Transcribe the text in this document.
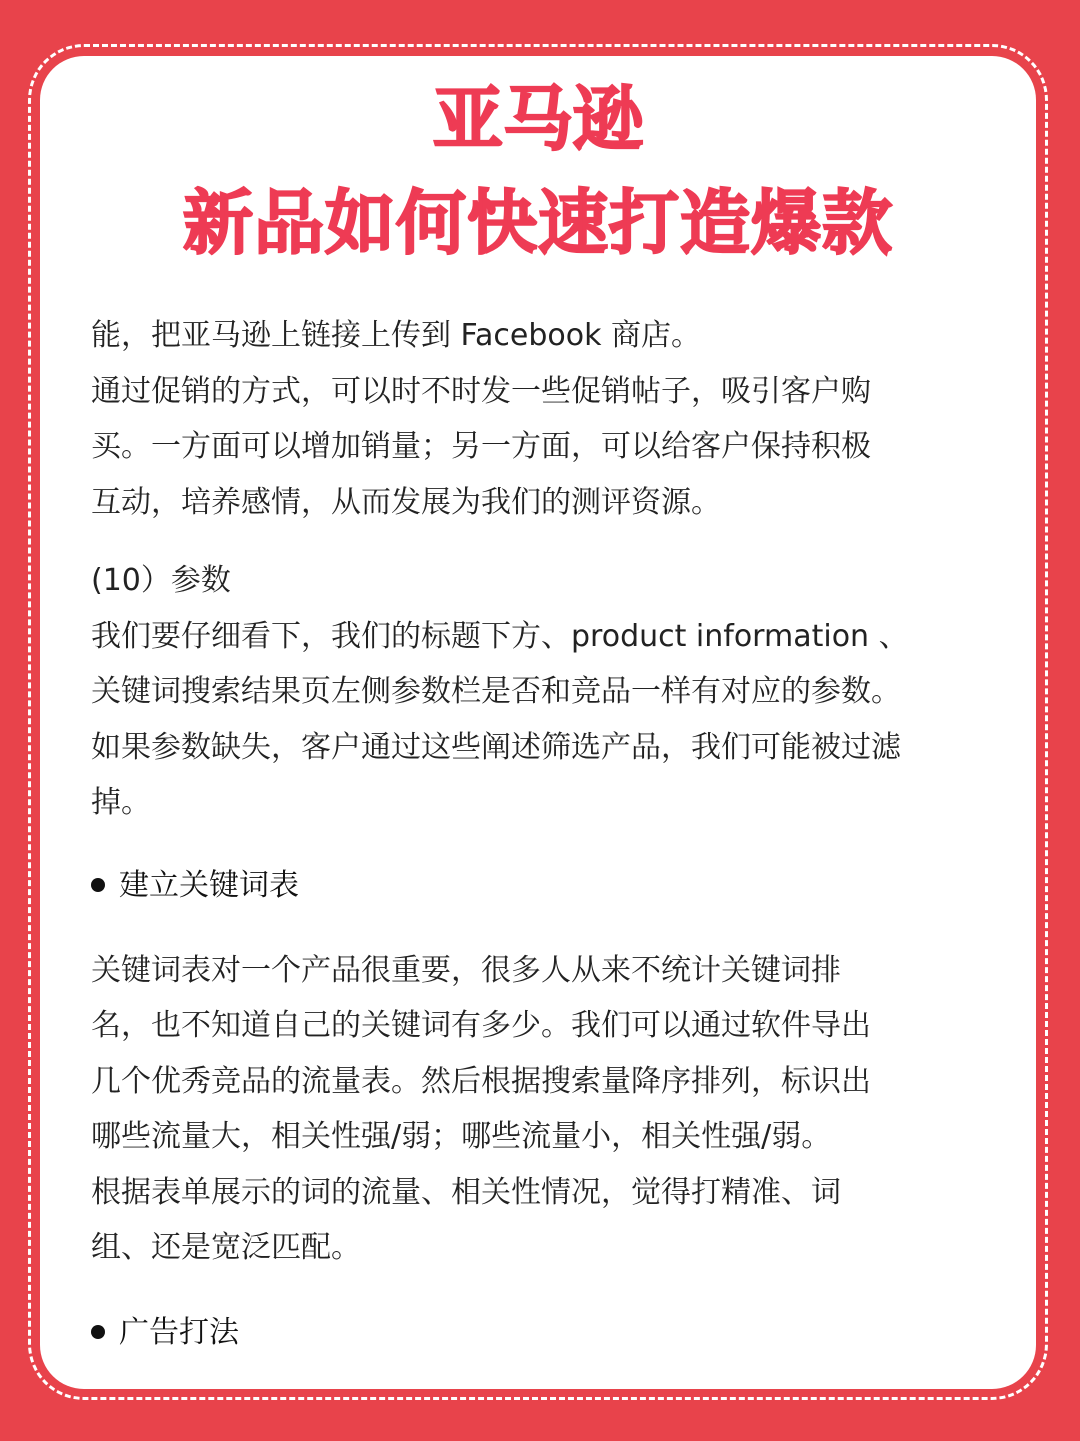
亚马逊
新品如何快速打造爆款
能，把亚马逊上链接上传到 Facebook 商店。
通过促销的方式，可以时不时发一些促销帖子，吸引客户购
买。一方面可以增加销量；另一方面，可以给客户保持积极
互动，培养感情，从而发展为我们的测评资源。
(10）参数
我们要仔细看下，我们的标题下方、product information 、
关键词搜索结果页左侧参数栏是否和竞品一样有对应的参数。
如果参数缺失，客户通过这些阐述筛选产品，我们可能被过滤
掉。
建立关键词表
关键词表对一个产品很重要，很多人从来不统计关键词排
名，也不知道自己的关键词有多少。我们可以通过软件导出
几个优秀竞品的流量表。然后根据搜索量降序排列，标识出
哪些流量大，相关性强/弱；哪些流量小，相关性强/弱。
根据表单展示的词的流量、相关性情况，觉得打精准、词
组、还是宽泛匹配。
广告打法
